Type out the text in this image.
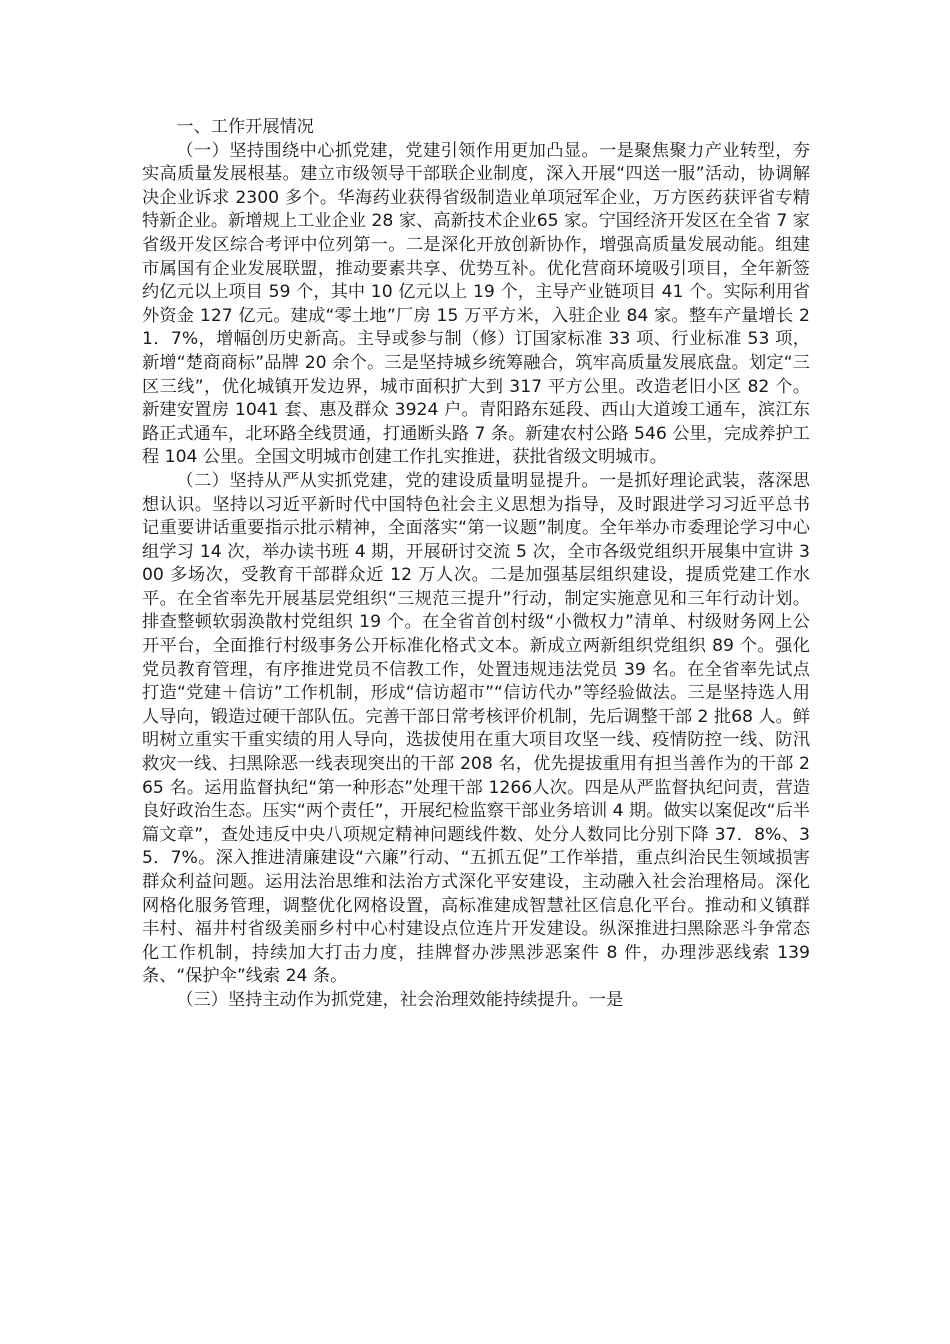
一、工作开展情况

（一）坚持围绕中心抓党建，党建引领作用更加凸显。一是聚焦聚力产业转型，夯实高质量发展根基。建立市级领导干部联企业制度，深入开展“四送一服”活动，协调解决企业诉求 2300 多个。华海药业获得省级制造业单项冠军企业，万方医药获评省专精特新企业。新增规上工业企业 28 家、高新技术企业65 家。宁国经济开发区在全省 7 家省级开发区综合考评中位列第一。二是深化开放创新协作，增强高质量发展动能。组建市属国有企业发展联盟，推动要素共享、优势互补。优化营商环境吸引项目，全年新签约亿元以上项目 59 个，其中 10 亿元以上 19 个，主导产业链项目 41 个。实际利用省外资金 127 亿元。建成“零土地”厂房 15 万平方米，入驻企业 84 家。整车产量增长 21．7%，增幅创历史新高。主导或参与制（修）订国家标准 33 项、行业标准 53 项，新增“楚商商标”品牌 20 余个。三是坚持城乡统筹融合，筑牢高质量发展底盘。划定“三区三线”，优化城镇开发边界，城市面积扩大到 317 平方公里。改造老旧小区 82 个。新建安置房 1041 套、惠及群众 3924 户。青阳路东延段、西山大道竣工通车，滨江东路正式通车，北环路全线贯通，打通断头路 7 条。新建农村公路 546 公里，完成养护工程 104 公里。全国文明城市创建工作扎实推进，获批省级文明城市。

（二）坚持从严从实抓党建，党的建设质量明显提升。一是抓好理论武装，落深思想认识。坚持以习近平新时代中国特色社会主义思想为指导，及时跟进学习习近平总书记重要讲话重要指示批示精神，全面落实“第一议题”制度。全年举办市委理论学习中心组学习 14 次，举办读书班 4 期，开展研讨交流 5 次，全市各级党组织开展集中宣讲 300 多场次，受教育干部群众近 12 万人次。二是加强基层组织建设，提质党建工作水平。在全省率先开展基层党组织“三规范三提升”行动，制定实施意见和三年行动计划。排查整顿软弱涣散村党组织 19 个。在全省首创村级“小微权力”清单、村级财务网上公开平台，全面推行村级事务公开标准化格式文本。新成立两新组织党组织 89 个。强化党员教育管理，有序推进党员不信教工作，处置违规违法党员 39 名。在全省率先试点打造“党建＋信访”工作机制，形成“信访超市”“信访代办”等经验做法。三是坚持选人用人导向，锻造过硬干部队伍。完善干部日常考核评价机制，先后调整干部 2 批68 人。鲜明树立重实干重实绩的用人导向，选拔使用在重大项目攻坚一线、疫情防控一线、防汛救灾一线、扫黑除恶一线表现突出的干部 208 名，优先提拔重用有担当善作为的干部 265 名。运用监督执纪“第一种形态”处理干部 1266人次。四是从严监督执纪问责，营造良好政治生态。压实“两个责任”，开展纪检监察干部业务培训 4 期。做实以案促改“后半篇文章”，查处违反中央八项规定精神问题线件数、处分人数同比分别下降 37．8%、35．7%。深入推进清廉建设“六廉”行动、“五抓五促”工作举措，重点纠治民生领域损害群众利益问题。运用法治思维和法治方式深化平安建设，主动融入社会治理格局。深化网格化服务管理，调整优化网格设置，高标准建成智慧社区信息化平台。推动和义镇群丰村、福井村省级美丽乡村中心村建设点位连片开发建设。纵深推进扫黑除恶斗争常态化工作机制，持续加大打击力度，挂牌督办涉黑涉恶案件 8 件，办理涉恶线索 139 条、“保护伞”线索 24 条。

（三）坚持主动作为抓党建，社会治理效能持续提升。一是
